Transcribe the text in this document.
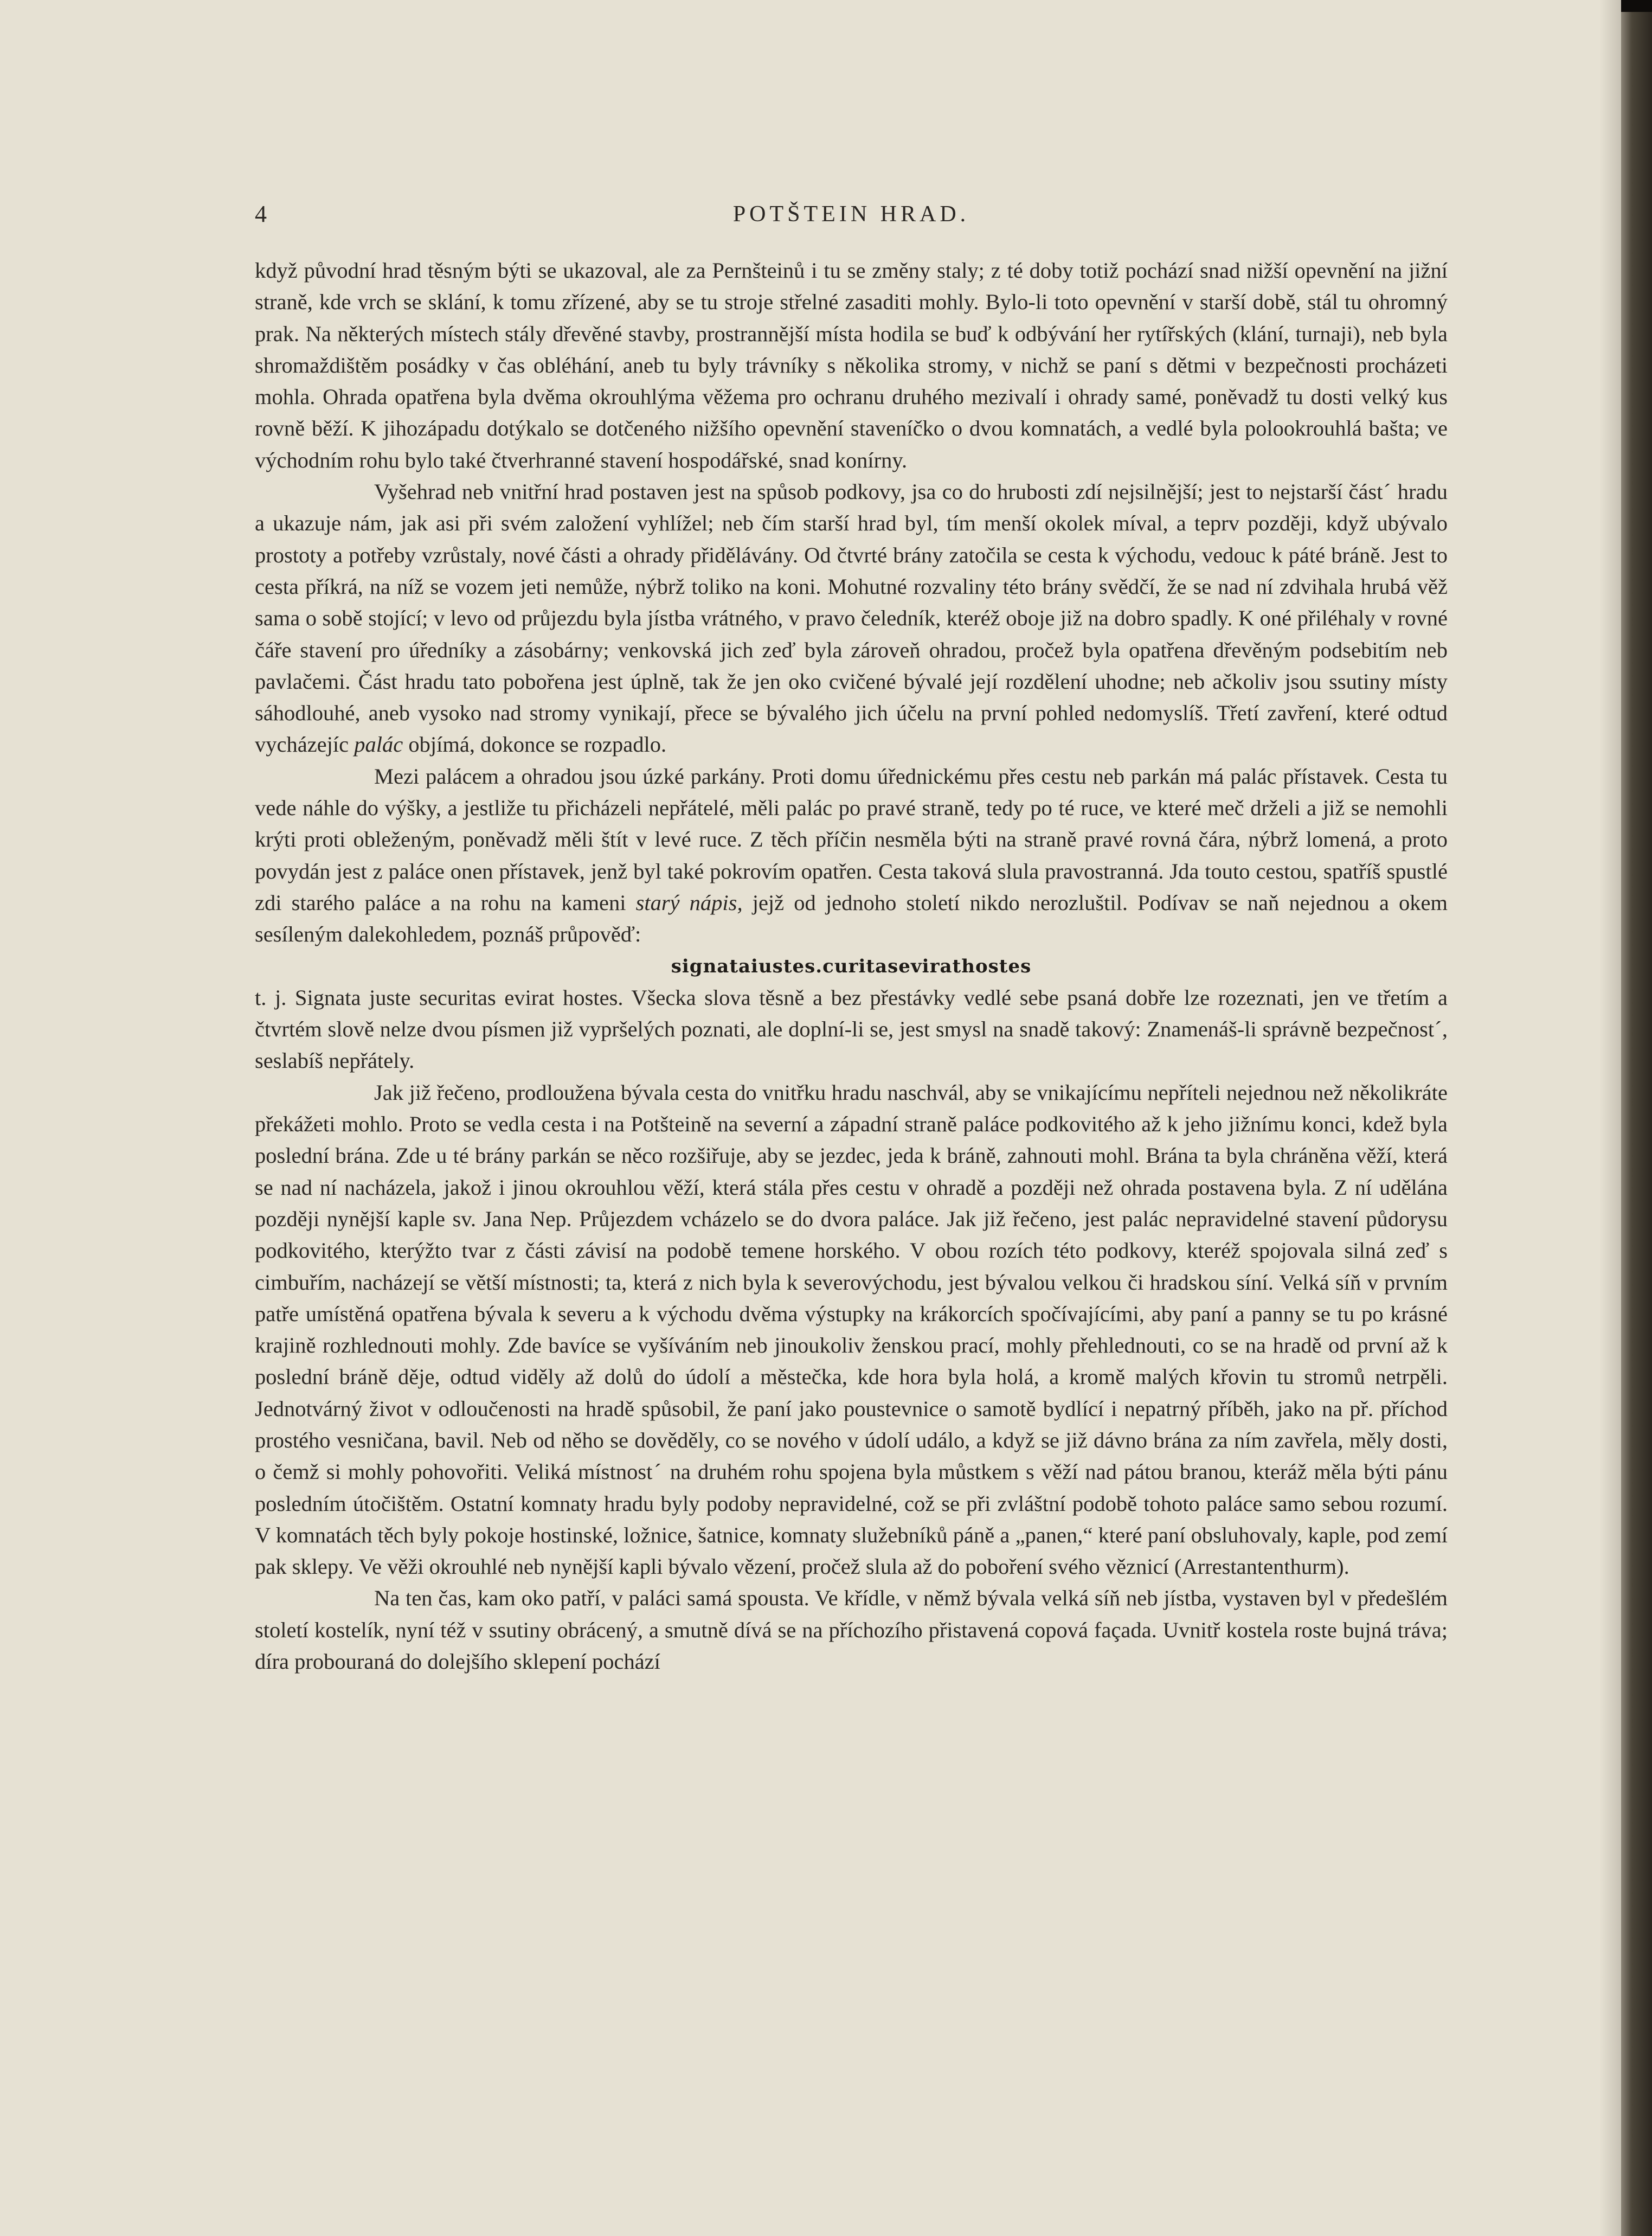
4	POTŠTEIN HRAD.

když původní hrad těsným býti se ukazoval, ale za Pernšteinů i tu se změny staly; z té doby totiž pochází snad nižší opevnění na jižní straně, kde vrch se sklání, k tomu zřízené, aby se tu stroje střelné zasaditi mohly. Bylo-li toto opevnění v starší době, stál tu ohromný prak. Na některých místech stály dřevěné stavby, prostrannější místa hodila se buď k odbývání her rytířských (klání, turnaji), neb byla shromaždištěm posádky v čas obléhání, aneb tu byly trávníky s několika stromy, v nichž se paní s dětmi v bezpečnosti procházeti mohla. Ohrada opatřena byla dvěma okrouhlýma věžema pro ochranu druhého mezivalí i ohrady samé, poněvadž tu dosti velký kus rovně běží. K jihozápadu dotýkalo se dotčeného nižšího opevnění staveníčko o dvou komnatách, a vedlé byla polookrouhlá bašta; ve východním rohu bylo také čtverhranné stavení hospodářské, snad konírny.

Vyšehrad neb vnitřní hrad postaven jest na spůsob podkovy, jsa co do hrubosti zdí nejsilnější; jest to nejstarší částˊ hradu a ukazuje nám, jak asi při svém založení vyhlížel; neb čím starší hrad byl, tím menší okolek míval, a teprv později, když ubývalo prostoty a potřeby vzrůstaly, nové části a ohrady přidělávány. Od čtvrté brány zatočila se cesta k východu, vedouc k páté bráně. Jest to cesta příkrá, na níž se vozem jeti nemůže, nýbrž toliko na koni. Mohutné rozvaliny této brány svědčí, že se nad ní zdvihala hrubá věž sama o sobě stojící; v levo od průjezdu byla jístba vrátného, v pravo čeledník, kteréž oboje již na dobro spadly. K oné přiléhaly v rovné čáře stavení pro úředníky a zásobárny; venkovská jich zeď byla zároveň ohradou, pročež byla opatřena dřevěným podsebitím neb pavlačemi. Část hradu tato pobořena jest úplně, tak že jen oko cvičené bývalé její rozdělení uhodne; neb ačkoliv jsou ssutiny místy sáhodlouhé, aneb vysoko nad stromy vynikají, přece se bývalého jich účelu na první pohled nedomyslíš. Třetí zavření, které odtud vycházejíc palác objímá, dokonce se rozpadlo.

Mezi palácem a ohradou jsou úzké parkány. Proti domu úřednickému přes cestu neb parkán má palác přístavek. Cesta tu vede náhle do výšky, a jestliže tu přicházeli nepřátelé, měli palác po pravé straně, tedy po té ruce, ve které meč drželi a již se nemohli krýti proti obleženým, poněvadž měli štít v levé ruce. Z těch příčin nesměla býti na straně pravé rovná čára, nýbrž lomená, a proto povydán jest z paláce onen přístavek, jenž byl také pokrovím opatřen. Cesta taková slula pravostranná. Jda touto cestou, spatříš spustlé zdi starého paláce a na rohu na kameni starý nápis, jejž od jednoho století nikdo nerozluštil. Podívav se naň nejednou a okem sesíleným dalekohledem, poznáš průpověď:

signataiustes.curitasevirathostes

t. j. Signata juste securitas evirat hostes. Všecka slova těsně a bez přestávky vedlé sebe psaná dobře lze rozeznati, jen ve třetím a čtvrtém slově nelze dvou písmen již vypršelých poznati, ale doplní-li se, jest smysl na snadě takový: Znamenáš-li správně bezpečnostˊ, seslabíš nepřátely.

Jak již řečeno, prodloužena bývala cesta do vnitřku hradu naschvál, aby se vnikajícímu nepříteli nejednou než několikráte překážeti mohlo. Proto se vedla cesta i na Potšteině na severní a západní straně paláce podkovitého až k jeho jižnímu konci, kdež byla poslední brána. Zde u té brány parkán se něco rozšiřuje, aby se jezdec, jeda k bráně, zahnouti mohl. Brána ta byla chráněna věží, která se nad ní nacházela, jakož i jinou okrouhlou věží, která stála přes cestu v ohradě a později než ohrada postavena byla. Z ní udělána později nynější kaple sv. Jana Nep. Průjezdem vcházelo se do dvora paláce. Jak již řečeno, jest palác nepravidelné stavení půdorysu podkovitého, kterýžto tvar z části závisí na podobě temene horského. V obou rozích této podkovy, kteréž spojovala silná zeď s cimbuřím, nacházejí se větší místnosti; ta, která z nich byla k severovýchodu, jest bývalou velkou či hradskou síní. Velká síň v prvním patře umístěná opatřena bývala k severu a k východu dvěma výstupky na krákorcích spočívajícími, aby paní a panny se tu po krásné krajině rozhlednouti mohly. Zde bavíce se vyšíváním neb jinoukoliv ženskou prací, mohly přehlednouti, co se na hradě od první až k poslední bráně děje, odtud viděly až dolů do údolí a městečka, kde hora byla holá, a kromě malých křovin tu stromů netrpěli. Jednotvárný život v odloučenosti na hradě spůsobil, že paní jako poustevnice o samotě bydlící i nepatrný příběh, jako na př. příchod prostého vesničana, bavil. Neb od něho se dověděly, co se nového v údolí událo, a když se již dávno brána za ním zavřela, měly dosti, o čemž si mohly pohovořiti. Veliká místnostˊ na druhém rohu spojena byla můstkem s věží nad pátou branou, kteráž měla býti pánu posledním útočištěm. Ostatní komnaty hradu byly podoby nepravidelné, což se při zvláštní podobě tohoto paláce samo sebou rozumí. V komnatách těch byly pokoje hostinské, ložnice, šatnice, komnaty služebníků páně a „panen,“ které paní obsluhovaly, kaple, pod zemí pak sklepy. Ve věži okrouhlé neb nynější kapli bývalo vězení, pročež slula až do poboření svého věznicí (Arrestantenthurm).

Na ten čas, kam oko patří, v paláci samá spousta. Ve křídle, v němž bývala velká síň neb jístba, vystaven byl v předešlém století kostelík, nyní též v ssutiny obrácený, a smutně dívá se na příchozího přistavená copová façada. Uvnitř kostela roste bujná tráva; díra probouraná do dolejšího sklepení pochází
